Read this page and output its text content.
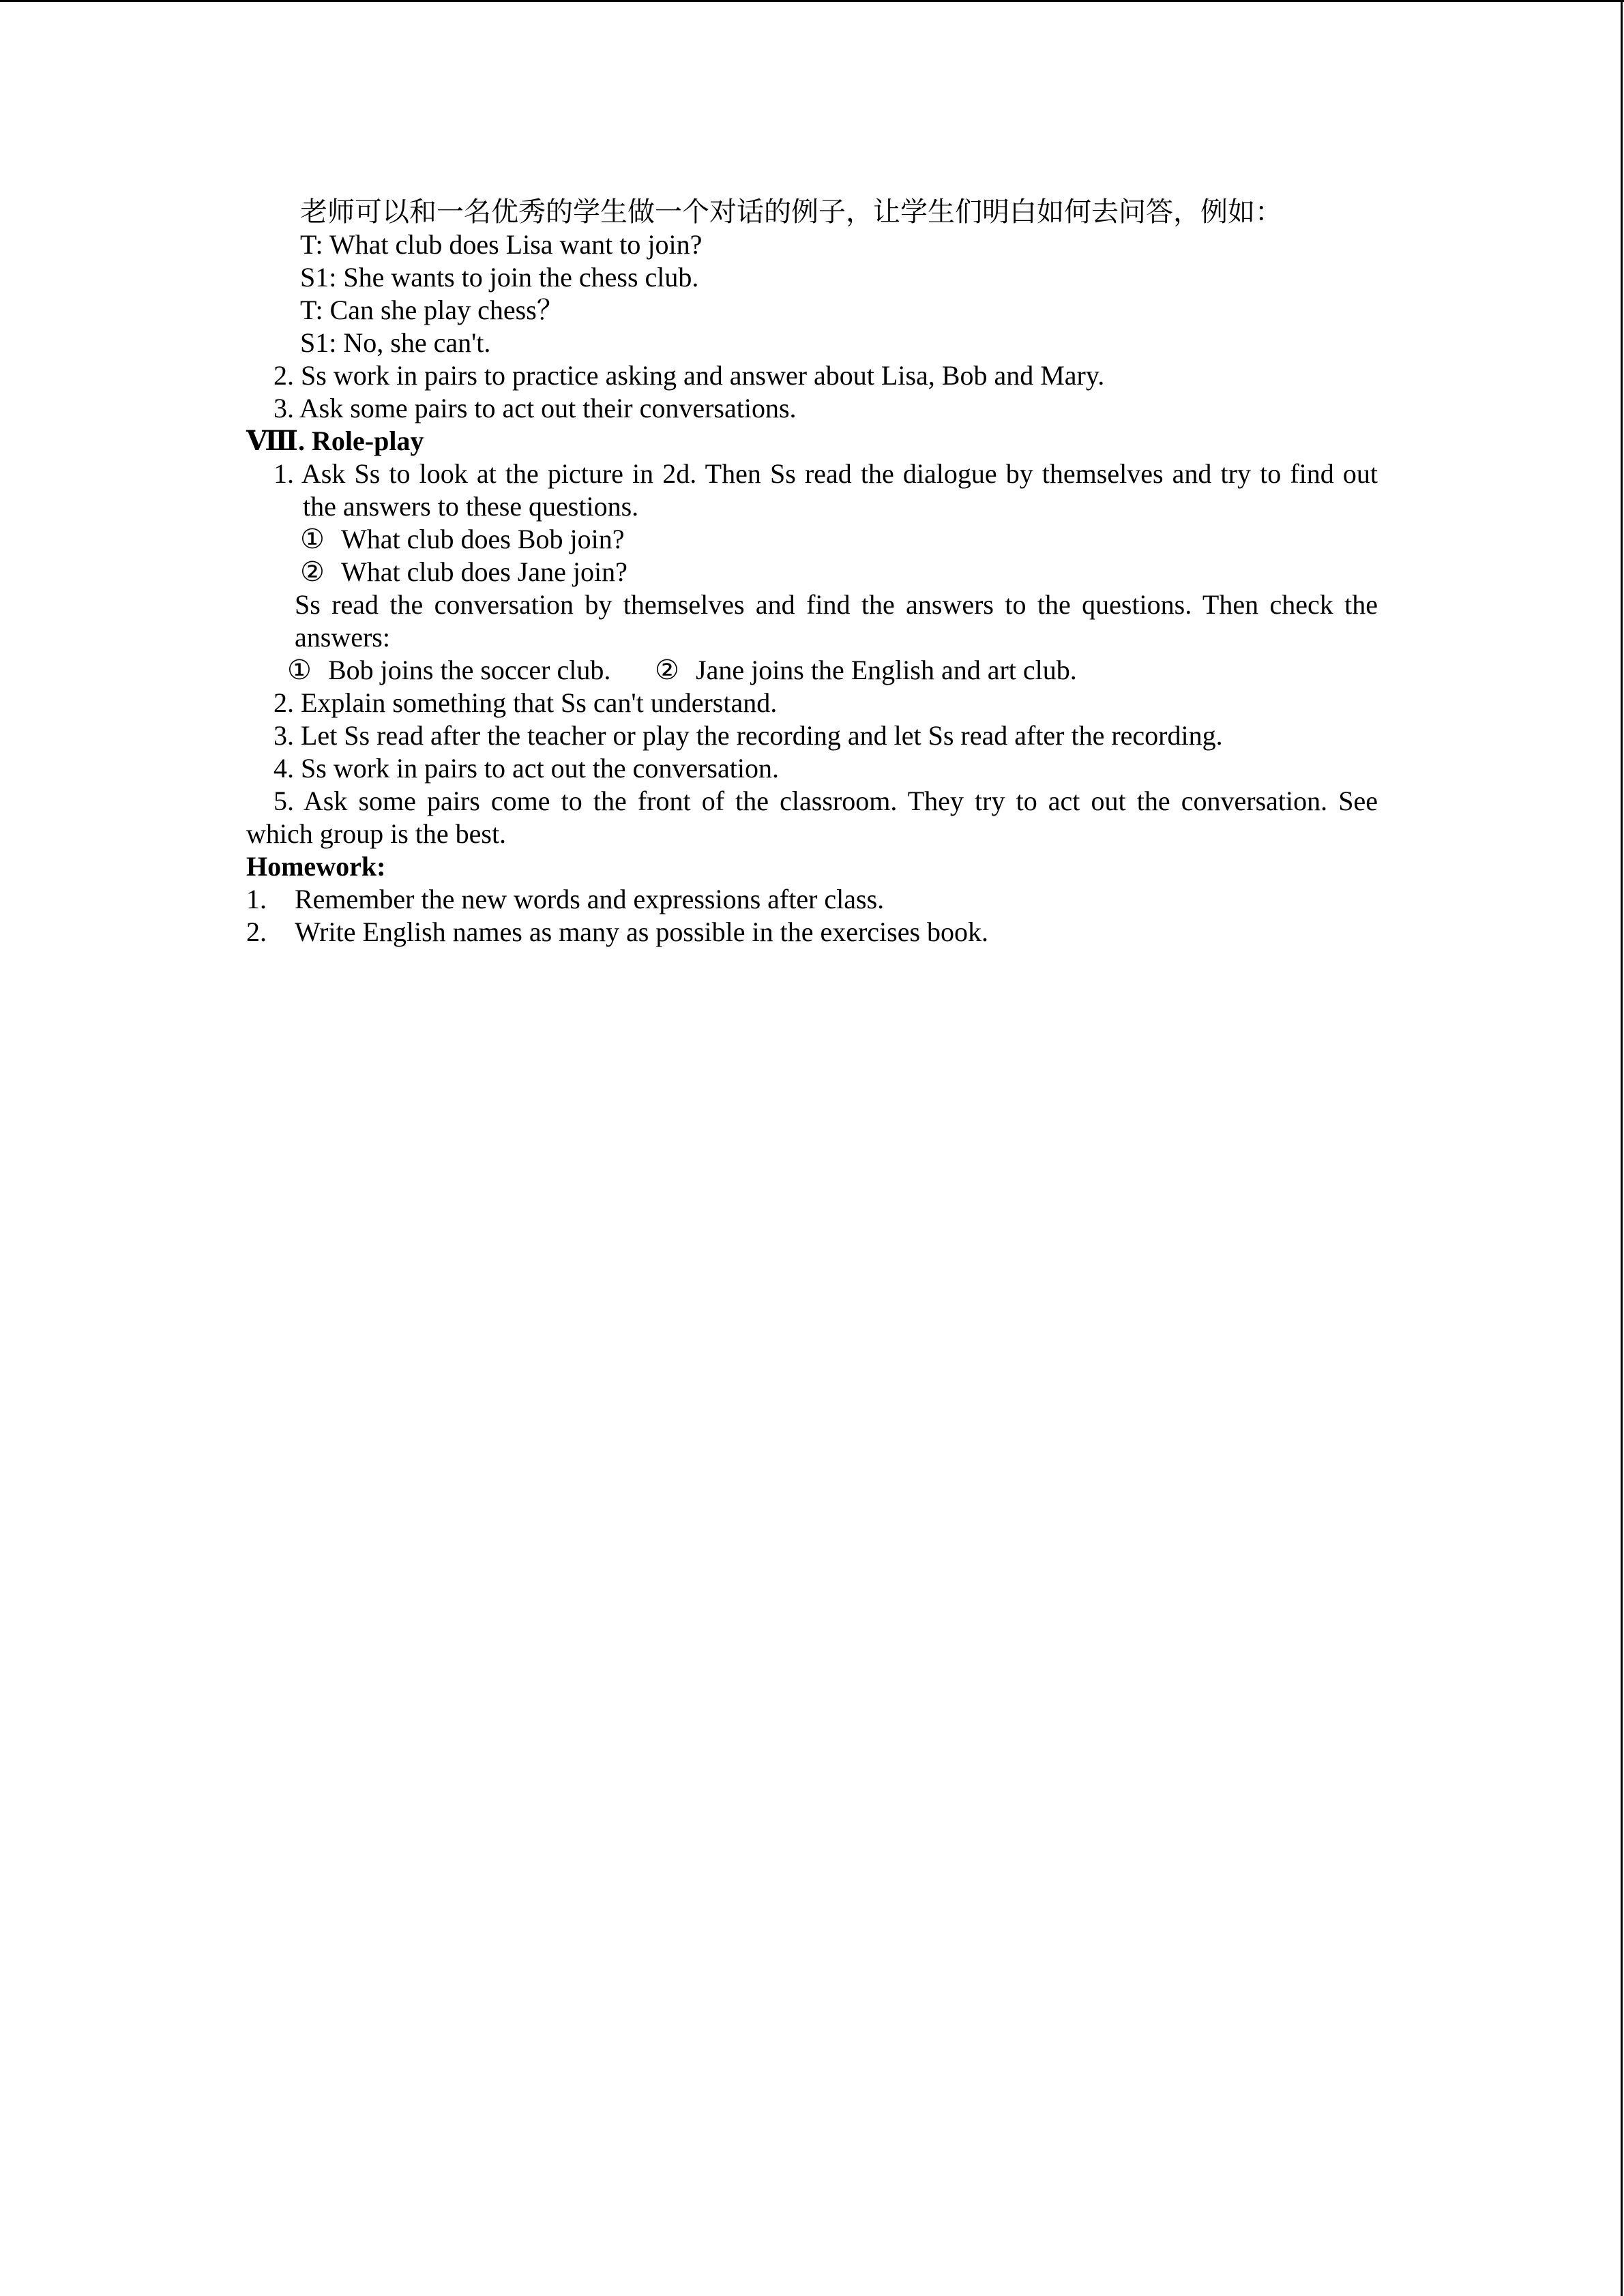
老师可以和一名优秀的学生做一个对话的例子，让学生们明白如何去问答，例如：
T: What club does Lisa want to join?
S1: She wants to join the chess club.
T: Can she play chess？
S1: No, she can't.
2. Ss work in pairs to practice asking and answer about Lisa, Bob and Mary.
3. Ask some pairs to act out their conversations.
Ⅷ. Role-play
1. Ask Ss to look at the picture in 2d. Then Ss read the dialogue by themselves and try to find out
the answers to these questions.
① What club does Bob join?
② What club does Jane join?
Ss read the conversation by themselves and find the answers to the questions. Then check the
answers:
① Bob joins the soccer club. ② Jane joins the English and art club.
2. Explain something that Ss can't understand.
3. Let Ss read after the teacher or play the recording and let Ss read after the recording.
4. Ss work in pairs to act out the conversation.
5. Ask some pairs come to the front of the classroom. They try to act out the conversation. See
which group is the best.
Homework:
1. Remember the new words and expressions after class.
2. Write English names as many as possible in the exercises book.
